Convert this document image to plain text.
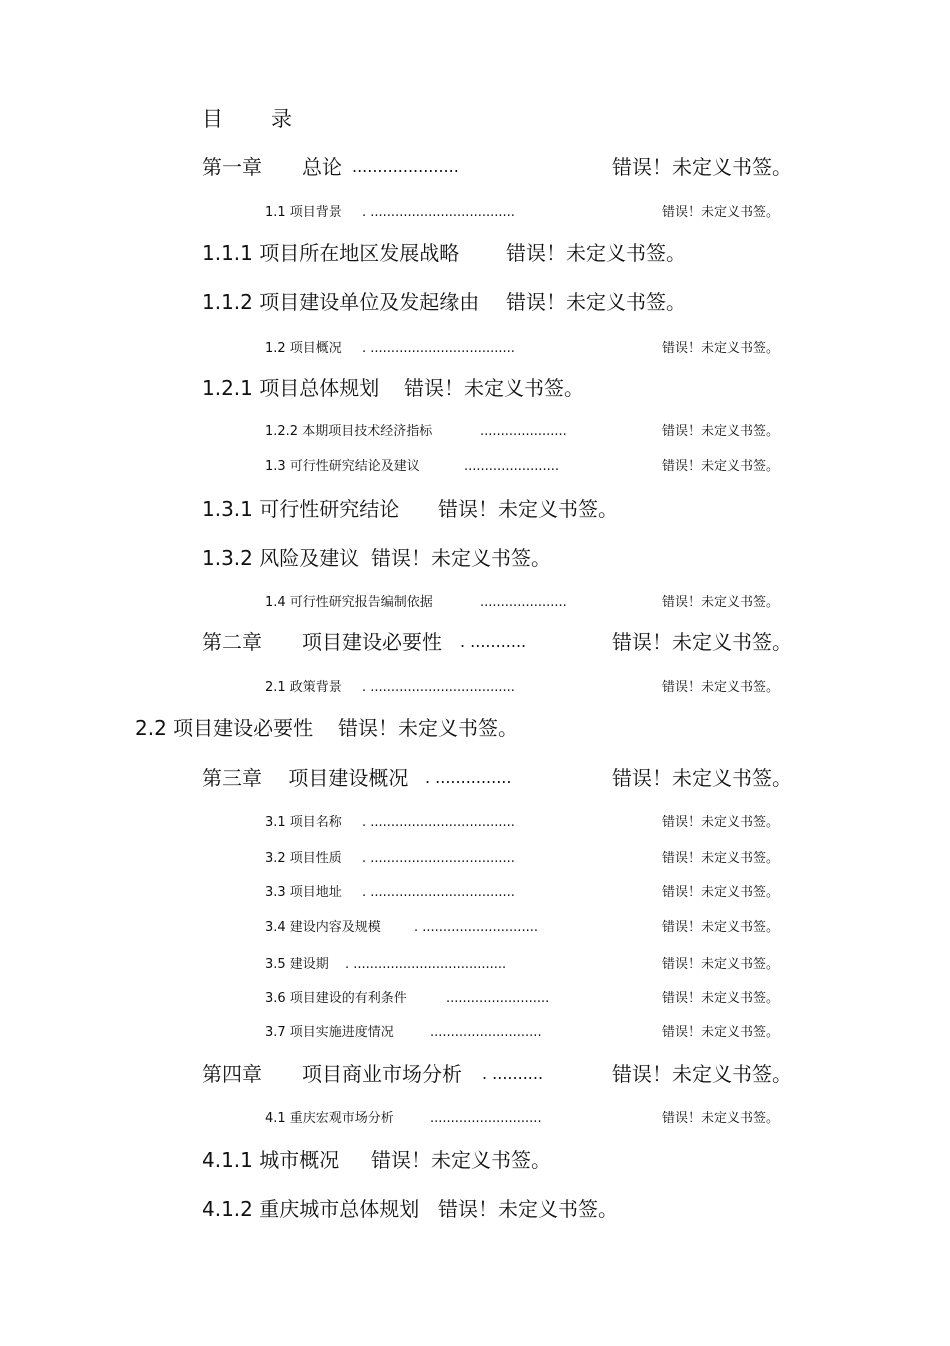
目　　录
第一章　　总论 .....................	错误！未定义书签。
1.1 项目背景 . ...................................	错误！未定义书签。
1.1.1 项目所在地区发展战略 错误！未定义书签。
1.1.2 项目建设单位及发起缘由 错误！未定义书签。
1.2 项目概况 . ...................................	错误！未定义书签。
1.2.1 项目总体规划 错误！未定义书签。
1.2.2 本期项目技术经济指标	.....................	错误！未定义书签。
1.3 可行性研究结论及建议	.......................	错误！未定义书签。
1.3.1 可行性研究结论 错误！未定义书签。
1.3.2 风险及建议 错误！未定义书签。
1.4 可行性研究报告编制依据	.....................	错误！未定义书签。
第二章　　项目建设必要性 . ...........	错误！未定义书签。
2.1 政策背景 . ...................................	错误！未定义书签。
2.2 项目建设必要性 错误！未定义书签。
第三章　 项目建设概况 . ...............	错误！未定义书签。
3.1 项目名称 . ...................................	错误！未定义书签。
3.2 项目性质 . ...................................	错误！未定义书签。
3.3 项目地址 . ...................................	错误！未定义书签。
3.4 建设内容及规模	. ............................	错误！未定义书签。
3.5 建设期 . .....................................	错误！未定义书签。
3.6 项目建设的有利条件	.........................	错误！未定义书签。
3.7 项目实施进度情况	...........................	错误！未定义书签。
第四章　　项目商业市场分析 . ..........	错误！未定义书签。
4.1 重庆宏观市场分析	...........................	错误！未定义书签。
4.1.1 城市概况 错误！未定义书签。
4.1.2 重庆城市总体规划 错误！未定义书签。
